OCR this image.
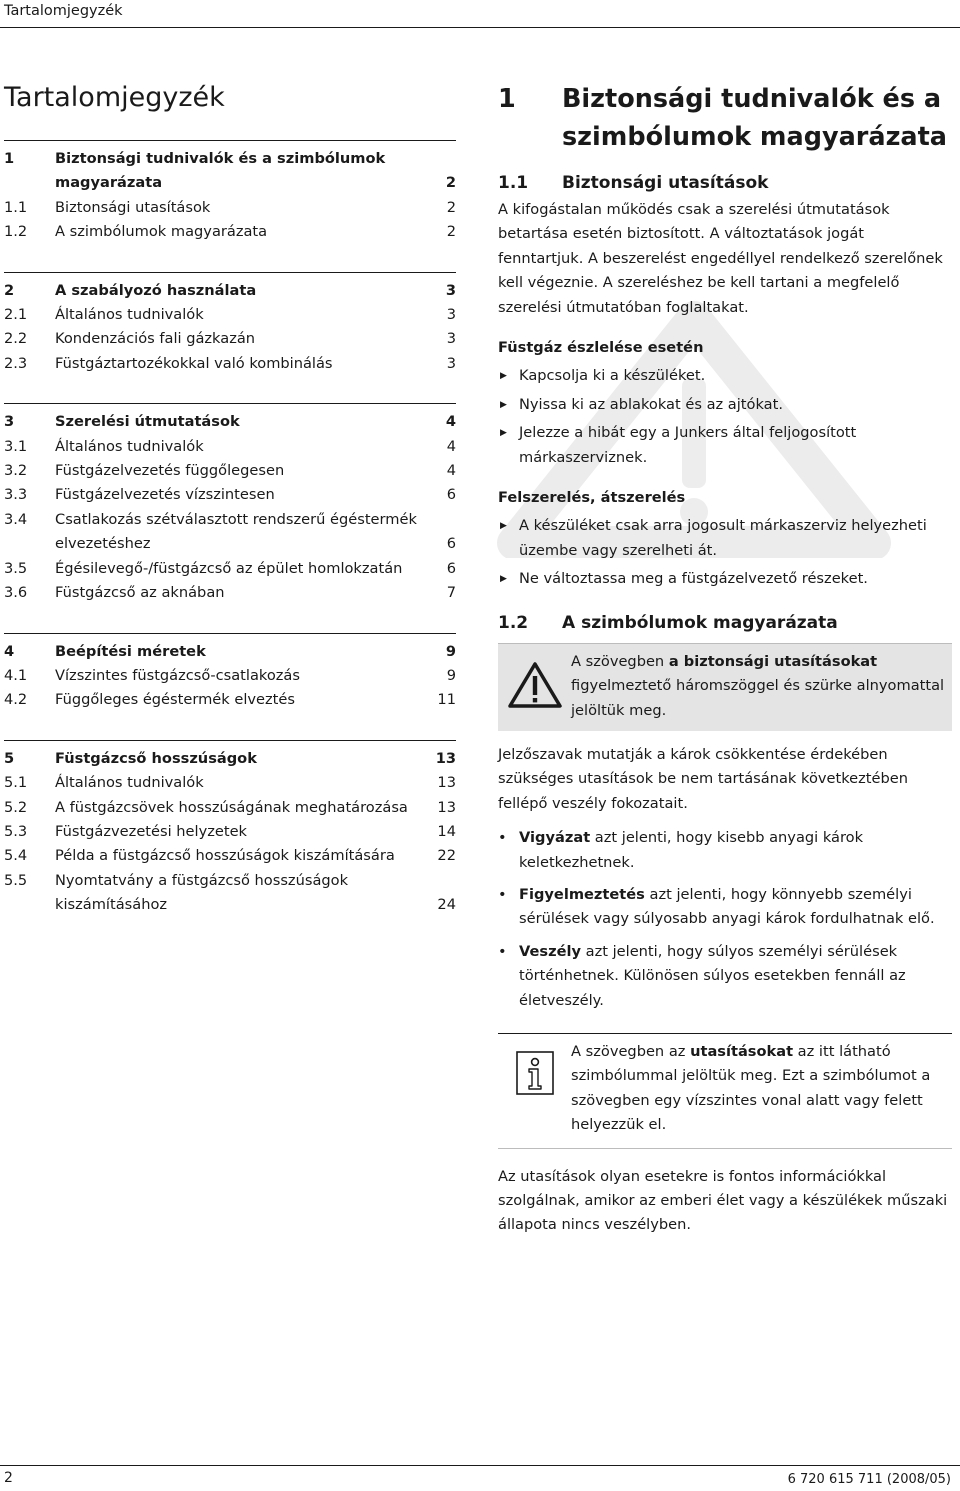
Tartalomjegyzék
Tartalomjegyzék
1	Biztonsági tudnivalók és a szimbólumok magyarázata	2
1.1	Biztonsági utasítások	2
1.2	A szimbólumok magyarázata	2
2	A szabályozó használata	3
2.1	Általános tudnivalók	3
2.2	Kondenzációs fali gázkazán	3
2.3	Füstgáztartozékokkal való kombinálás	3
3	Szerelési útmutatások	4
3.1	Általános tudnivalók	4
3.2	Füstgázelvezetés függőlegesen	4
3.3	Füstgázelvezetés vízszintesen	6
3.4	Csatlakozás szétválasztott rendszerű égéstermék elvezetéshez	6
3.5	Égésilevegő-/füstgázcső az épület homlokzatán	6
3.6	Füstgázcső az aknában	7
4	Beépítési méretek	9
4.1	Vízszintes füstgázcső-csatlakozás	9
4.2	Függőleges égéstermék elveztés	11
5	Füstgázcső hosszúságok	13
5.1	Általános tudnivalók	13
5.2	A füstgázcsövek hosszúságának meghatározása	13
5.3	Füstgázvezetési helyzetek	14
5.4	Példa a füstgázcső hosszúságok kiszámítására	22
5.5	Nyomtatvány a füstgázcső hosszúságok kiszámításához	24
1	Biztonsági tudnivalók és a szimbólumok magyarázata
1.1	Biztonsági utasítások

A kifogástalan működés csak a szerelési útmutatások betartása esetén biztosított. A változtatások jogát fenntartjuk. A beszerelést engedéllyel rendelkező szerelőnek kell végeznie. A szereléshez be kell tartani a megfelelő szerelési útmutatóban foglaltakat.

Füstgáz észlelése esetén
▶ Kapcsolja ki a készüléket.
▶ Nyissa ki az ablakokat és az ajtókat.
▶ Jelezze a hibát egy a Junkers által feljogosított márkaszerviznek.
Felszerelés, átszerelés
▶ A készüléket csak arra jogosult márkaszerviz helyezheti üzembe vagy szerelheti át.
▶ Ne változtassa meg a füstgázelvezető részeket.
1.2	A szimbólumok magyarázata
A szövegben a biztonsági utasításokat figyelmeztető háromszöggel és szürke alnyomattal jelöltük meg.

Jelzőszavak mutatják a károk csökkentése érdekében szükséges utasítások be nem tartásának következtében fellépő veszély fokozatait.

• Vigyázat azt jelenti, hogy kisebb anyagi károk keletkezhetnek.
• Figyelmeztetés azt jelenti, hogy könnyebb személyi sérülések vagy súlyosabb anyagi károk fordulhatnak elő.
• Veszély azt jelenti, hogy súlyos személyi sérülések történhetnek. Különösen súlyos esetekben fennáll az életveszély.
A szövegben az utasításokat az itt látható szimbólummal jelöltük meg. Ezt a szimbólumot a szövegben egy vízszintes vonal alatt vagy felett helyezzük el.

Az utasítások olyan esetekre is fontos információkkal szolgálnak, amikor az emberi élet vagy a készülékek műszaki állapota nincs veszélyben.

2	6 720 615 711 (2008/05)
